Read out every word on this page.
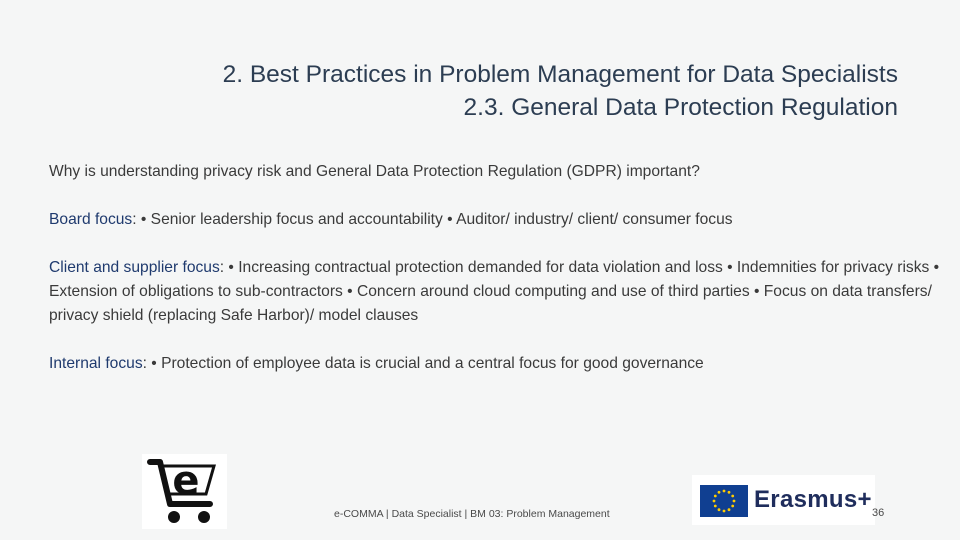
2. Best Practices in Problem Management for Data Specialists
2.3. General Data Protection Regulation

Why is understanding privacy risk and General Data Protection Regulation (GDPR) important?

Board focus: • Senior leadership focus and accountability • Auditor/ industry/ client/ consumer focus

Client and supplier focus: • Increasing contractual protection demanded for data violation and loss • Indemnities for privacy risks • Extension of obligations to sub-contractors • Concern around cloud computing and use of third parties • Focus on data transfers/ privacy shield (replacing Safe Harbor)/ model clauses

Internal focus: • Protection of employee data is crucial and a central focus for good governance

e	Erasmus+
e-COMMA | Data Specialist | BM 03: Problem Management	36
